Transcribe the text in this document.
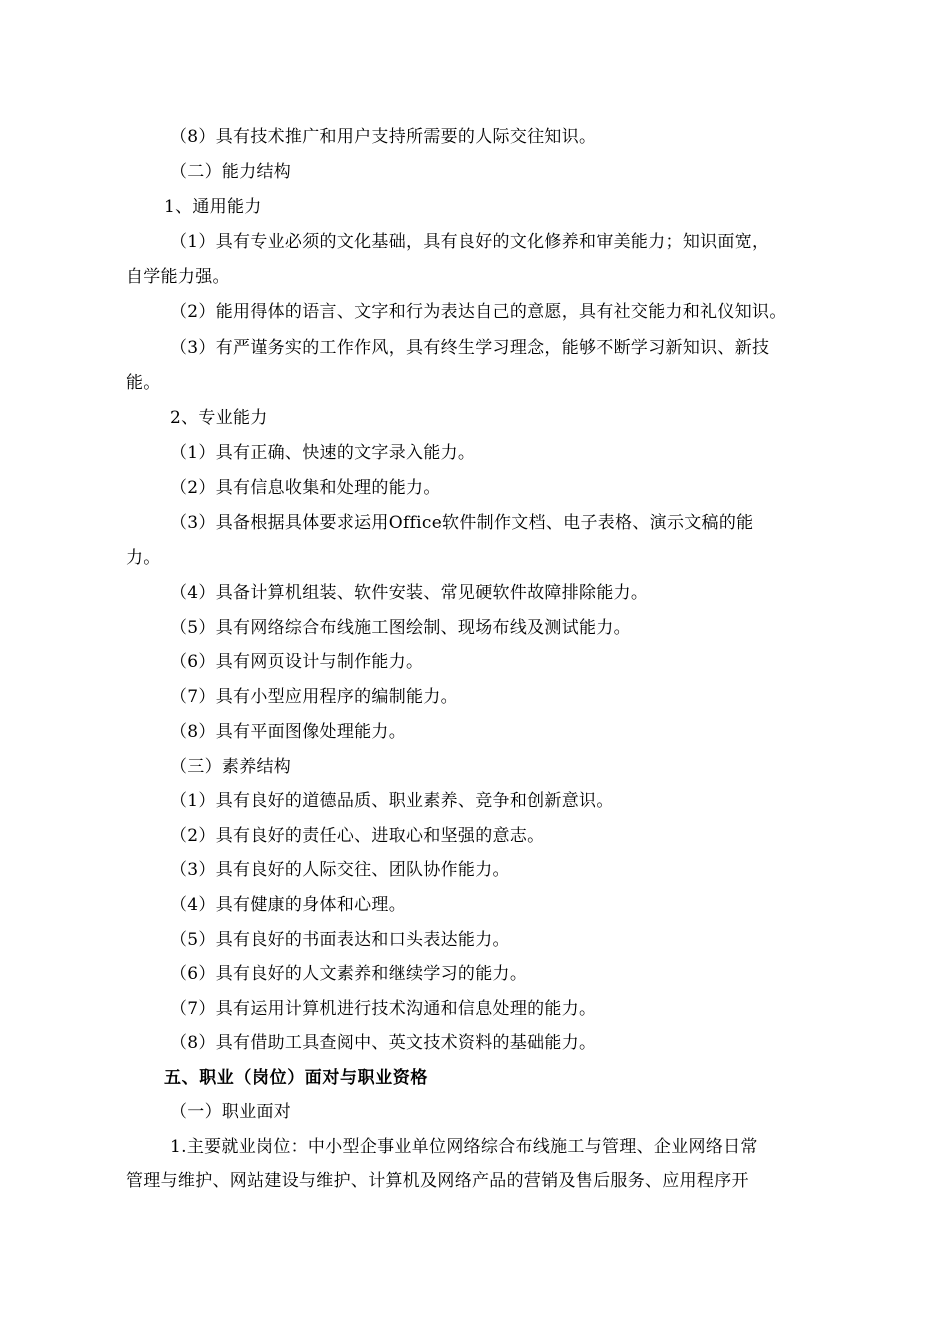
（8）具有技术推广和用户支持所需要的人际交往知识。
（二）能力结构
1、通用能力
（1）具有专业必须的文化基础，具有良好的文化修养和审美能力；知识面宽，
自学能力强。
（2）能用得体的语言、文字和行为表达自己的意愿，具有社交能力和礼仪知识。
（3）有严谨务实的工作作风，具有终生学习理念，能够不断学习新知识、新技
能。
2、专业能力
（1）具有正确、快速的文字录入能力。
（2）具有信息收集和处理的能力。
（3）具备根据具体要求运用Office软件制作文档、电子表格、演示文稿的能
力。
（4）具备计算机组装、软件安装、常见硬软件故障排除能力。
（5）具有网络综合布线施工图绘制、现场布线及测试能力。
（6）具有网页设计与制作能力。
（7）具有小型应用程序的编制能力。
（8）具有平面图像处理能力。
（三）素养结构
（1）具有良好的道德品质、职业素养、竞争和创新意识。
（2）具有良好的责任心、进取心和坚强的意志。
（3）具有良好的人际交往、团队协作能力。
（4）具有健康的身体和心理。
（5）具有良好的书面表达和口头表达能力。
（6）具有良好的人文素养和继续学习的能力。
（7）具有运用计算机进行技术沟通和信息处理的能力。
（8）具有借助工具查阅中、英文技术资料的基础能力。
五、职业（岗位）面对与职业资格
（一）职业面对
1.主要就业岗位：中小型企事业单位网络综合布线施工与管理、企业网络日常
管理与维护、网站建设与维护、计算机及网络产品的营销及售后服务、应用程序开
